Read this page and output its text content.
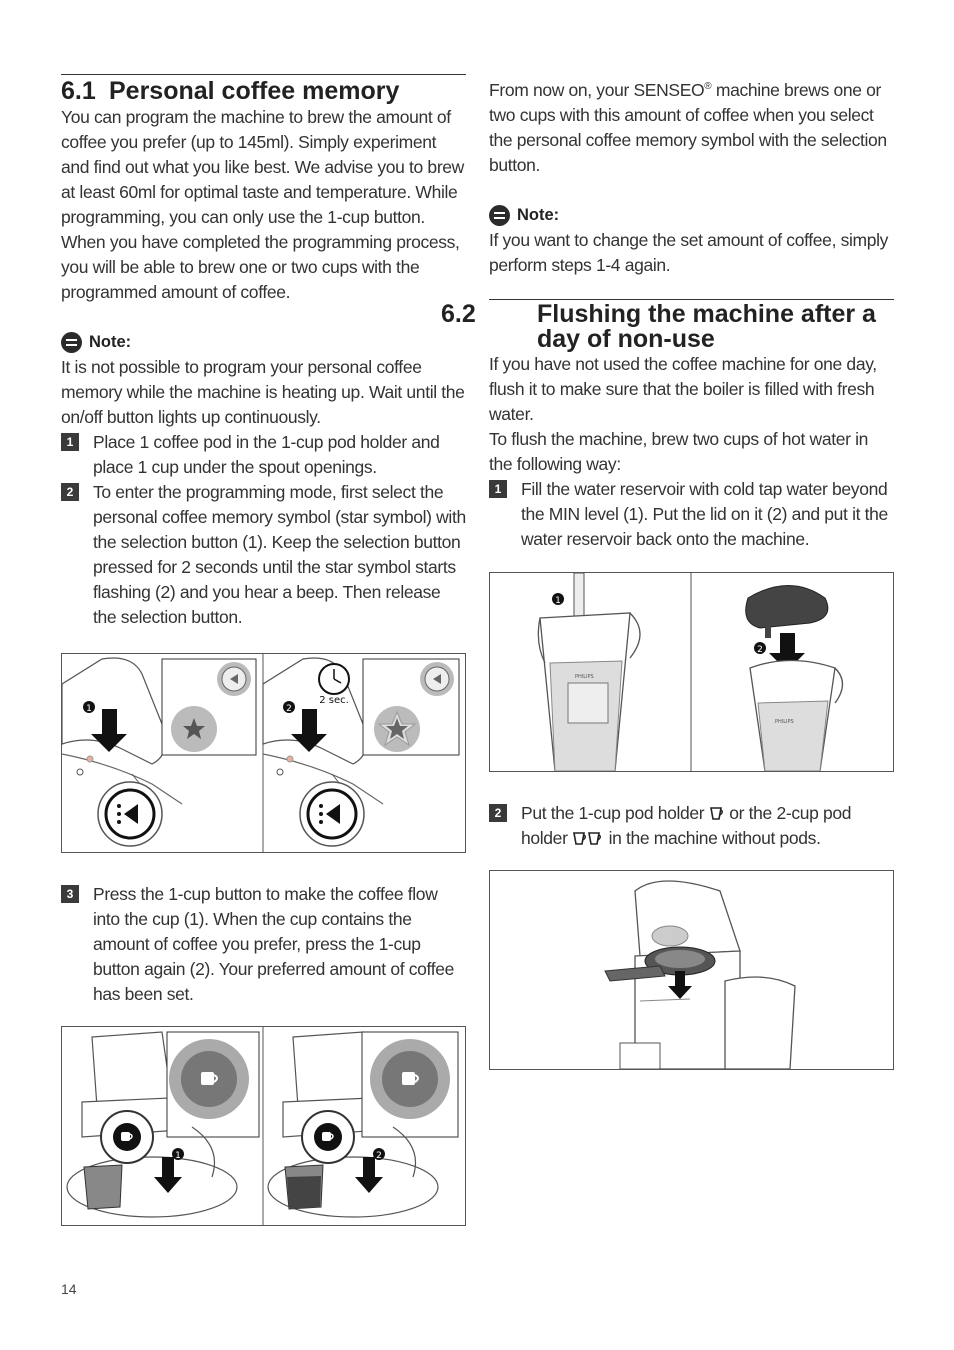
6.1 Personal coffee memory

You can program the machine to brew the amount of coffee you prefer (up to 145ml). Simply experiment and find out what you like best. We advise you to brew at least 60ml for optimal taste and temperature. While programming, you can only use the 1-cup button. When you have completed the programming process, you will be able to brew one or two cups with the programmed amount of coffee.

Note:

It is not possible to program your personal coffee memory while the machine is heating up. Wait until the on/off button lights up continuously.

1	Place 1 coffee pod in the 1-cup pod holder and place 1 cup under the spout openings.

2	To enter the programming mode, first select the personal coffee memory symbol (star symbol) with the selection button (1). Keep the selection button pressed for 2 seconds until the star symbol starts flashing (2) and you hear a beep. Then release the selection button.

1	2
2 sec.
3	Press the 1-cup button to make the coffee flow into the cup (1). When the cup contains the amount of coffee you prefer, press the 1-cup button again (2). Your preferred amount of coffee has been set.

1	2

From now on, your SENSEO® machine brews one or two cups with this amount of coffee when you select the personal coffee memory symbol with the selection button.

Note:

If you want to change the set amount of coffee, simply perform steps 1-4 again.

6.2 Flushing the machine after a day of non-use

If you have not used the coffee machine for one day, flush it to make sure that the boiler is filled with fresh water.

To flush the machine, brew two cups of hot water in the following way:

1	Fill the water reservoir with cold tap water beyond the MIN level (1). Put the lid on it (2) and put it the water reservoir back onto the machine.

1
PHILIPS
2
PHILIPS
2	Put the 1-cup pod holder  or the 2-cup pod holder  in the machine without pods.

14
